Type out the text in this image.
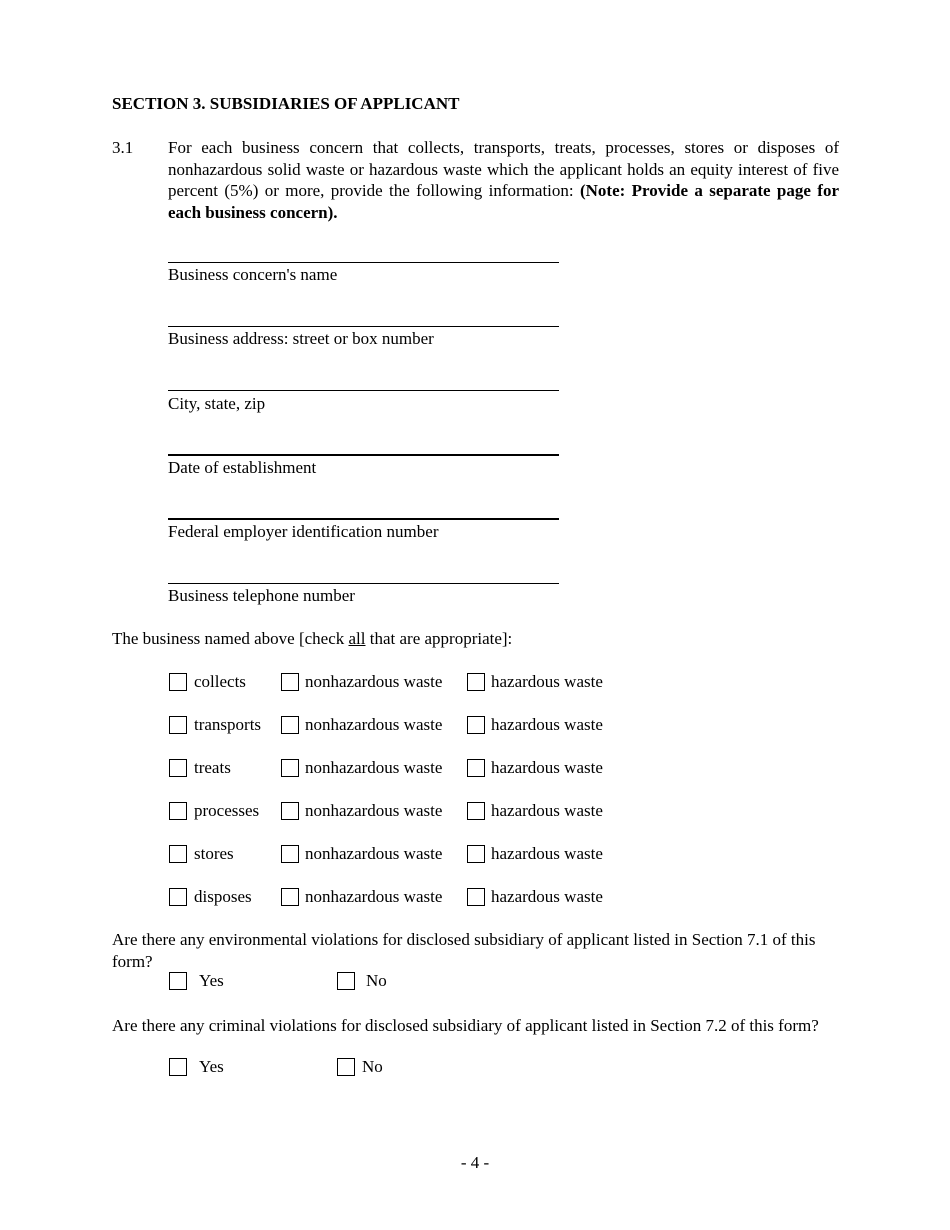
SECTION 3. SUBSIDIARIES OF APPLICANT
3.1 For each business concern that collects, transports, treats, processes, stores or disposes of nonhazardous solid waste or hazardous waste which the applicant holds an equity interest of five percent (5%) or more, provide the following information: (Note: Provide a separate page for each business concern).
Business concern's name
Business address: street or box number
City, state, zip
Date of establishment
Federal employer identification number
Business telephone number
The business named above [check all that are appropriate]:
collects	nonhazardous waste	hazardous waste
transports	nonhazardous waste	hazardous waste
treats	nonhazardous waste	hazardous waste
processes	nonhazardous waste	hazardous waste
stores	nonhazardous waste	hazardous waste
disposes	nonhazardous waste	hazardous waste
Are there any environmental violations for disclosed subsidiary of applicant listed in Section 7.1 of this form?
Yes	No
Are there any criminal violations for disclosed subsidiary of applicant listed in Section 7.2 of this form?
Yes	No
- 4 -
